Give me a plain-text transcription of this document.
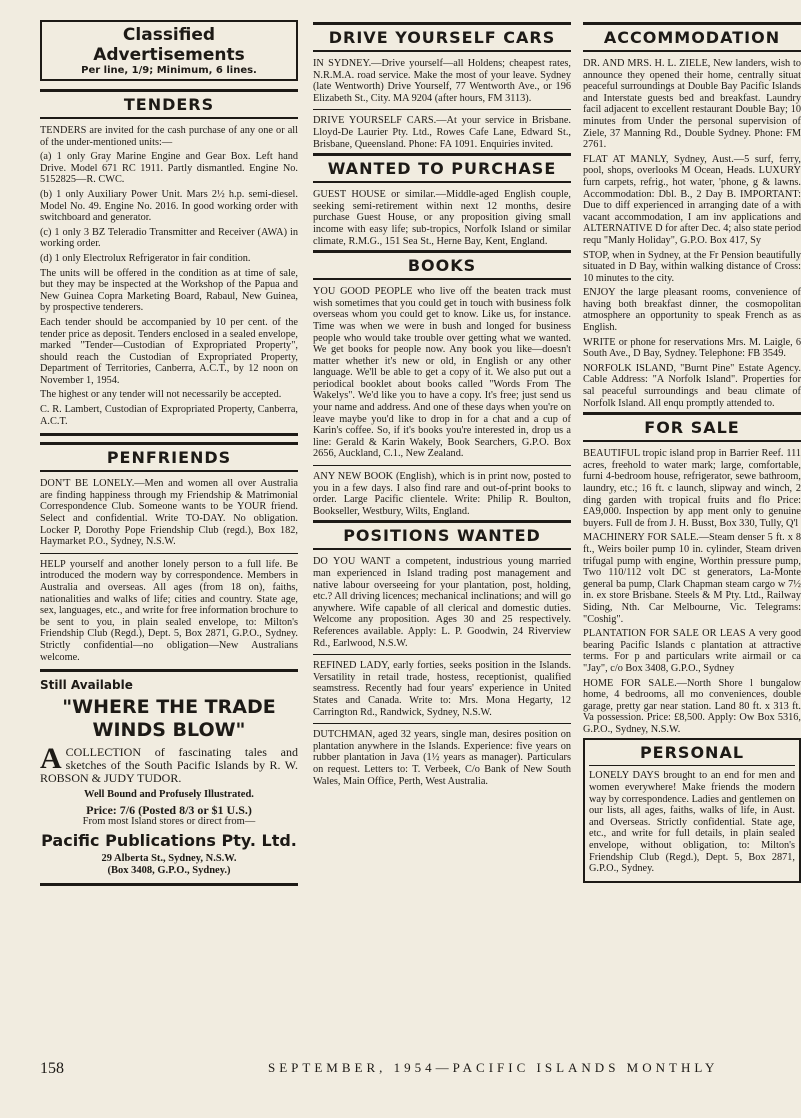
Classified Advertisements
Per line, 1/9; Minimum, 6 lines.
TENDERS

TENDERS are invited for the cash purchase of any one or all of the under-mentioned units:—

(a) 1 only Gray Marine Engine and Gear Box. Left hand Drive. Model 671 RC 1911. Partly dismantled. Engine No. 5152825—R. CWC.

(b) 1 only Auxiliary Power Unit. Mars 2½ h.p. semi-diesel. Model No. 49. Engine No. 2016. In good working order with switchboard and generator.

(c) 1 only 3 BZ Teleradio Transmitter and Receiver (AWA) in working order.

(d) 1 only Electrolux Refrigerator in fair condition.

The units will be offered in the condition as at time of sale, but they may be inspected at the Workshop of the Papua and New Guinea Copra Marketing Board, Rabaul, New Guinea, by prospective tenderers.

Each tender should be accompanied by 10 per cent. of the tender price as deposit. Tenders enclosed in a sealed envelope, marked "Tender—Custodian of Expropriated Property", should reach the Custodian of Expropriated Property, Department of Territories, Canberra, A.C.T., by 12 noon on November 1, 1954.

The highest or any tender will not necessarily be accepted.

C. R. Lambert, Custodian of Expropriated Property, Canberra, A.C.T.

PENFRIENDS

DON'T BE LONELY.—Men and women all over Australia are finding happiness through my Friendship & Matrimonial Correspondence Club. Someone wants to be YOUR friend. Select and confidential. Write TO-DAY. No obligation. Locker P, Dorothy Pope Friendship Club (regd.), Box 182, Haymarket P.O., Sydney, N.S.W.

HELP yourself and another lonely person to a full life. Be introduced the modern way by correspondence. Members in Australia and overseas. All ages (from 18 on), faiths, nationalities and walks of life; cities and country. State age, sex, languages, etc., and write for free information brochure to be sent to you, in plain sealed envelope, to: Milton's Friendship Club (Regd.), Dept. 5, Box 2871, G.P.O., Sydney. Strictly confidential—no obligation—New Australians welcome.

Still Available
"WHERE THE TRADE
WINDS BLOW"

ACOLLECTION of fascinating tales and sketches of the South Pacific Islands by R. W. ROBSON & JUDY TUDOR.

Well Bound and Profusely Illustrated.
Price: 7/6 (Posted 8/3 or $1 U.S.)
From most Island stores or direct from—
Pacific Publications Pty. Ltd.
29 Alberta St., Sydney, N.S.W.
(Box 3408, G.P.O., Sydney.)
DRIVE YOURSELF CARS

IN SYDNEY.—Drive yourself—all Holdens; cheapest rates, N.R.M.A. road service. Make the most of your leave. Sydney (late Wentworth) Drive Yourself, 77 Wentworth Ave., or 196 Elizabeth St., City. MA 9204 (after hours, FM 3113).

DRIVE YOURSELF CARS.—At your service in Brisbane. Lloyd-De Laurier Pty. Ltd., Rowes Cafe Lane, Edward St., Brisbane, Queensland. Phone: FA 1091. Enquiries invited.

WANTED TO PURCHASE

GUEST HOUSE or similar.—Middle-aged English couple, seeking semi-retirement within next 12 months, desire purchase Guest House, or any proposition giving small income with easy life; sub-tropics, Norfolk Island or similar climate, R.M.G., 151 Sea St., Herne Bay, Kent, England.

BOOKS

YOU GOOD PEOPLE who live off the beaten track must wish sometimes that you could get in touch with business folk overseas whom you could get to know. Like us, for instance. Time was when we were in bush and longed for business people who would take trouble over getting what we wanted. We get books for people now. Any book you like—doesn't matter whether it's new or old, in English or any other language. We'll be able to get a copy of it. We also put out a periodical booklet about books called "Words From The Wakelys". We'd like you to have a copy. It's free; just send us your name and address. And one of these days when you're on leave maybe you'd like to drop in for a chat and a cup of Karin's coffee. So, if it's books you're interested in, drop us a line: Gerald & Karin Wakely, Book Searchers, G.P.O. Box 2656, Auckland, C.1., New Zealand.

ANY NEW BOOK (English), which is in print now, posted to you in a few days. I also find rare and out-of-print books to order. Large Pacific clientele. Write: Philip R. Boulton, Bookseller, Westbury, Wilts, England.

POSITIONS WANTED

DO YOU WANT a competent, industrious young married man experienced in Island trading post management and native labour overseeing for your plantation, post, holding, etc.? All driving licences; mechanical inclinations; and will go anywhere. Wife capable of all clerical and domestic duties. Welcome any proposition. Ages 30 and 25 respectively. References available. Apply: L. P. Goodwin, 24 Riverview Rd., Earlwood, N.S.W.

REFINED LADY, early forties, seeks position in the Islands. Versatility in retail trade, hostess, receptionist, qualified seamstress. Recently had four years' experience in United States and Canada. Write to: Mrs. Mona Hegarty, 12 Carrington Rd., Randwick, Sydney, N.S.W.

DUTCHMAN, aged 32 years, single man, desires position on plantation anywhere in the Islands. Experience: five years on rubber plantation in Java (1½ years as manager). Particulars on request. Letters to: T. Verbeek, C/o Bank of New South Wales, Main Office, Perth, West Australia.

ACCOMMODATION

DR. AND MRS. H. L. ZIELE, New landers, wish to announce they opened their home, centrally situat peaceful surroundings at Double Bay Pacific Islands and Interstate guests bed and breakfast. Laundry facil adjacent to excellent restaurant Double Bay; 10 minutes from Under the personal supervision of Ziele, 37 Manning Rd., Double Sydney. Phone: FM 2761.

FLAT AT MANLY, Sydney, Aust.—5 surf, ferry, pool, shops, overlooks M Ocean, Heads. LUXURY furn carpets, refrig., hot water, 'phone, g & lawns. Accommodation: Dbl. B., 2 Day B. IMPORTANT: Due to diff experienced in arranging date of a with vacant accommodation, I am inv applications and ALTERNATIVE D for after Dec. 4; also state period requ "Manly Holiday", G.P.O. Box 417, Sy

STOP, when in Sydney, at the Fr Pension beautifully situated in D Bay, within walking distance of Cross: 10 minutes to the city.

ENJOY the large pleasant rooms, convenience of having both breakfast dinner, the cosmopolitan atmosphere an opportunity to speak French as as English.

WRITE or phone for reservations Mrs. M. Laigle, 6 South Ave., D Bay, Sydney. Telephone: FB 3549.

NORFOLK ISLAND, "Burnt Pine" Estate Agency. Cable Address: "A Norfolk Island". Properties for sal peaceful surroundings and beau climate of Norfolk Island. All enqu promptly attended to.

FOR SALE

BEAUTIFUL tropic island prop in Barrier Reef. 111 acres, freehold to water mark; large, comfortable, furni 4-bedroom house, refrigerator, sewe bathroom, laundry, etc.; 16 ft. c launch, slipway and winch, 2 ding garden with tropical fruits and flo Price: £A9,000. Inspection by app ment only to genuine buyers. Full de from J. H. Busst, Box 330, Tully, Q'l

MACHINERY FOR SALE.—Steam denser 5 ft. x 8 ft., Weirs boiler pump 10 in. cylinder, Steam driven trifugal pump with engine, Worthin pressure pump, Two 110/112 volt DC st generators, La-Monte general ba pump, Clark Chapman steam cargo w 7½ in. ex store Brisbane. Steels & M Pty. Ltd., Railway Siding, Nth. Car Melbourne, Vic. Telegrams: "Coshig".

PLANTATION FOR SALE OR LEAS A very good bearing Pacific Islands c plantation at attractive terms. For p and particulars write airmail or ca "Jay", c/o Box 3408, G.P.O., Sydney

HOME FOR SALE.—North Shore l bungalow home, 4 bedrooms, all mo conveniences, double garage, pretty gar near station. Land 80 ft. x 313 ft. Va possession. Price: £8,500. Apply: Ow Box 5316, G.P.O., Sydney, N.S.W.

PERSONAL

LONELY DAYS brought to an end for men and women everywhere! Make friends the modern way by correspondence. Ladies and gentlemen on our lists, all ages, faiths, walks of life, in Aust. and Overseas. Strictly confidential. State age, etc., and write for full details, in plain sealed envelope, without obligation, to: Milton's Friendship Club (Regd.), Dept. 5, Box 2871, G.P.O., Sydney.

158	SEPTEMBER, 1954—PACIFIC ISLANDS MONTHLY
